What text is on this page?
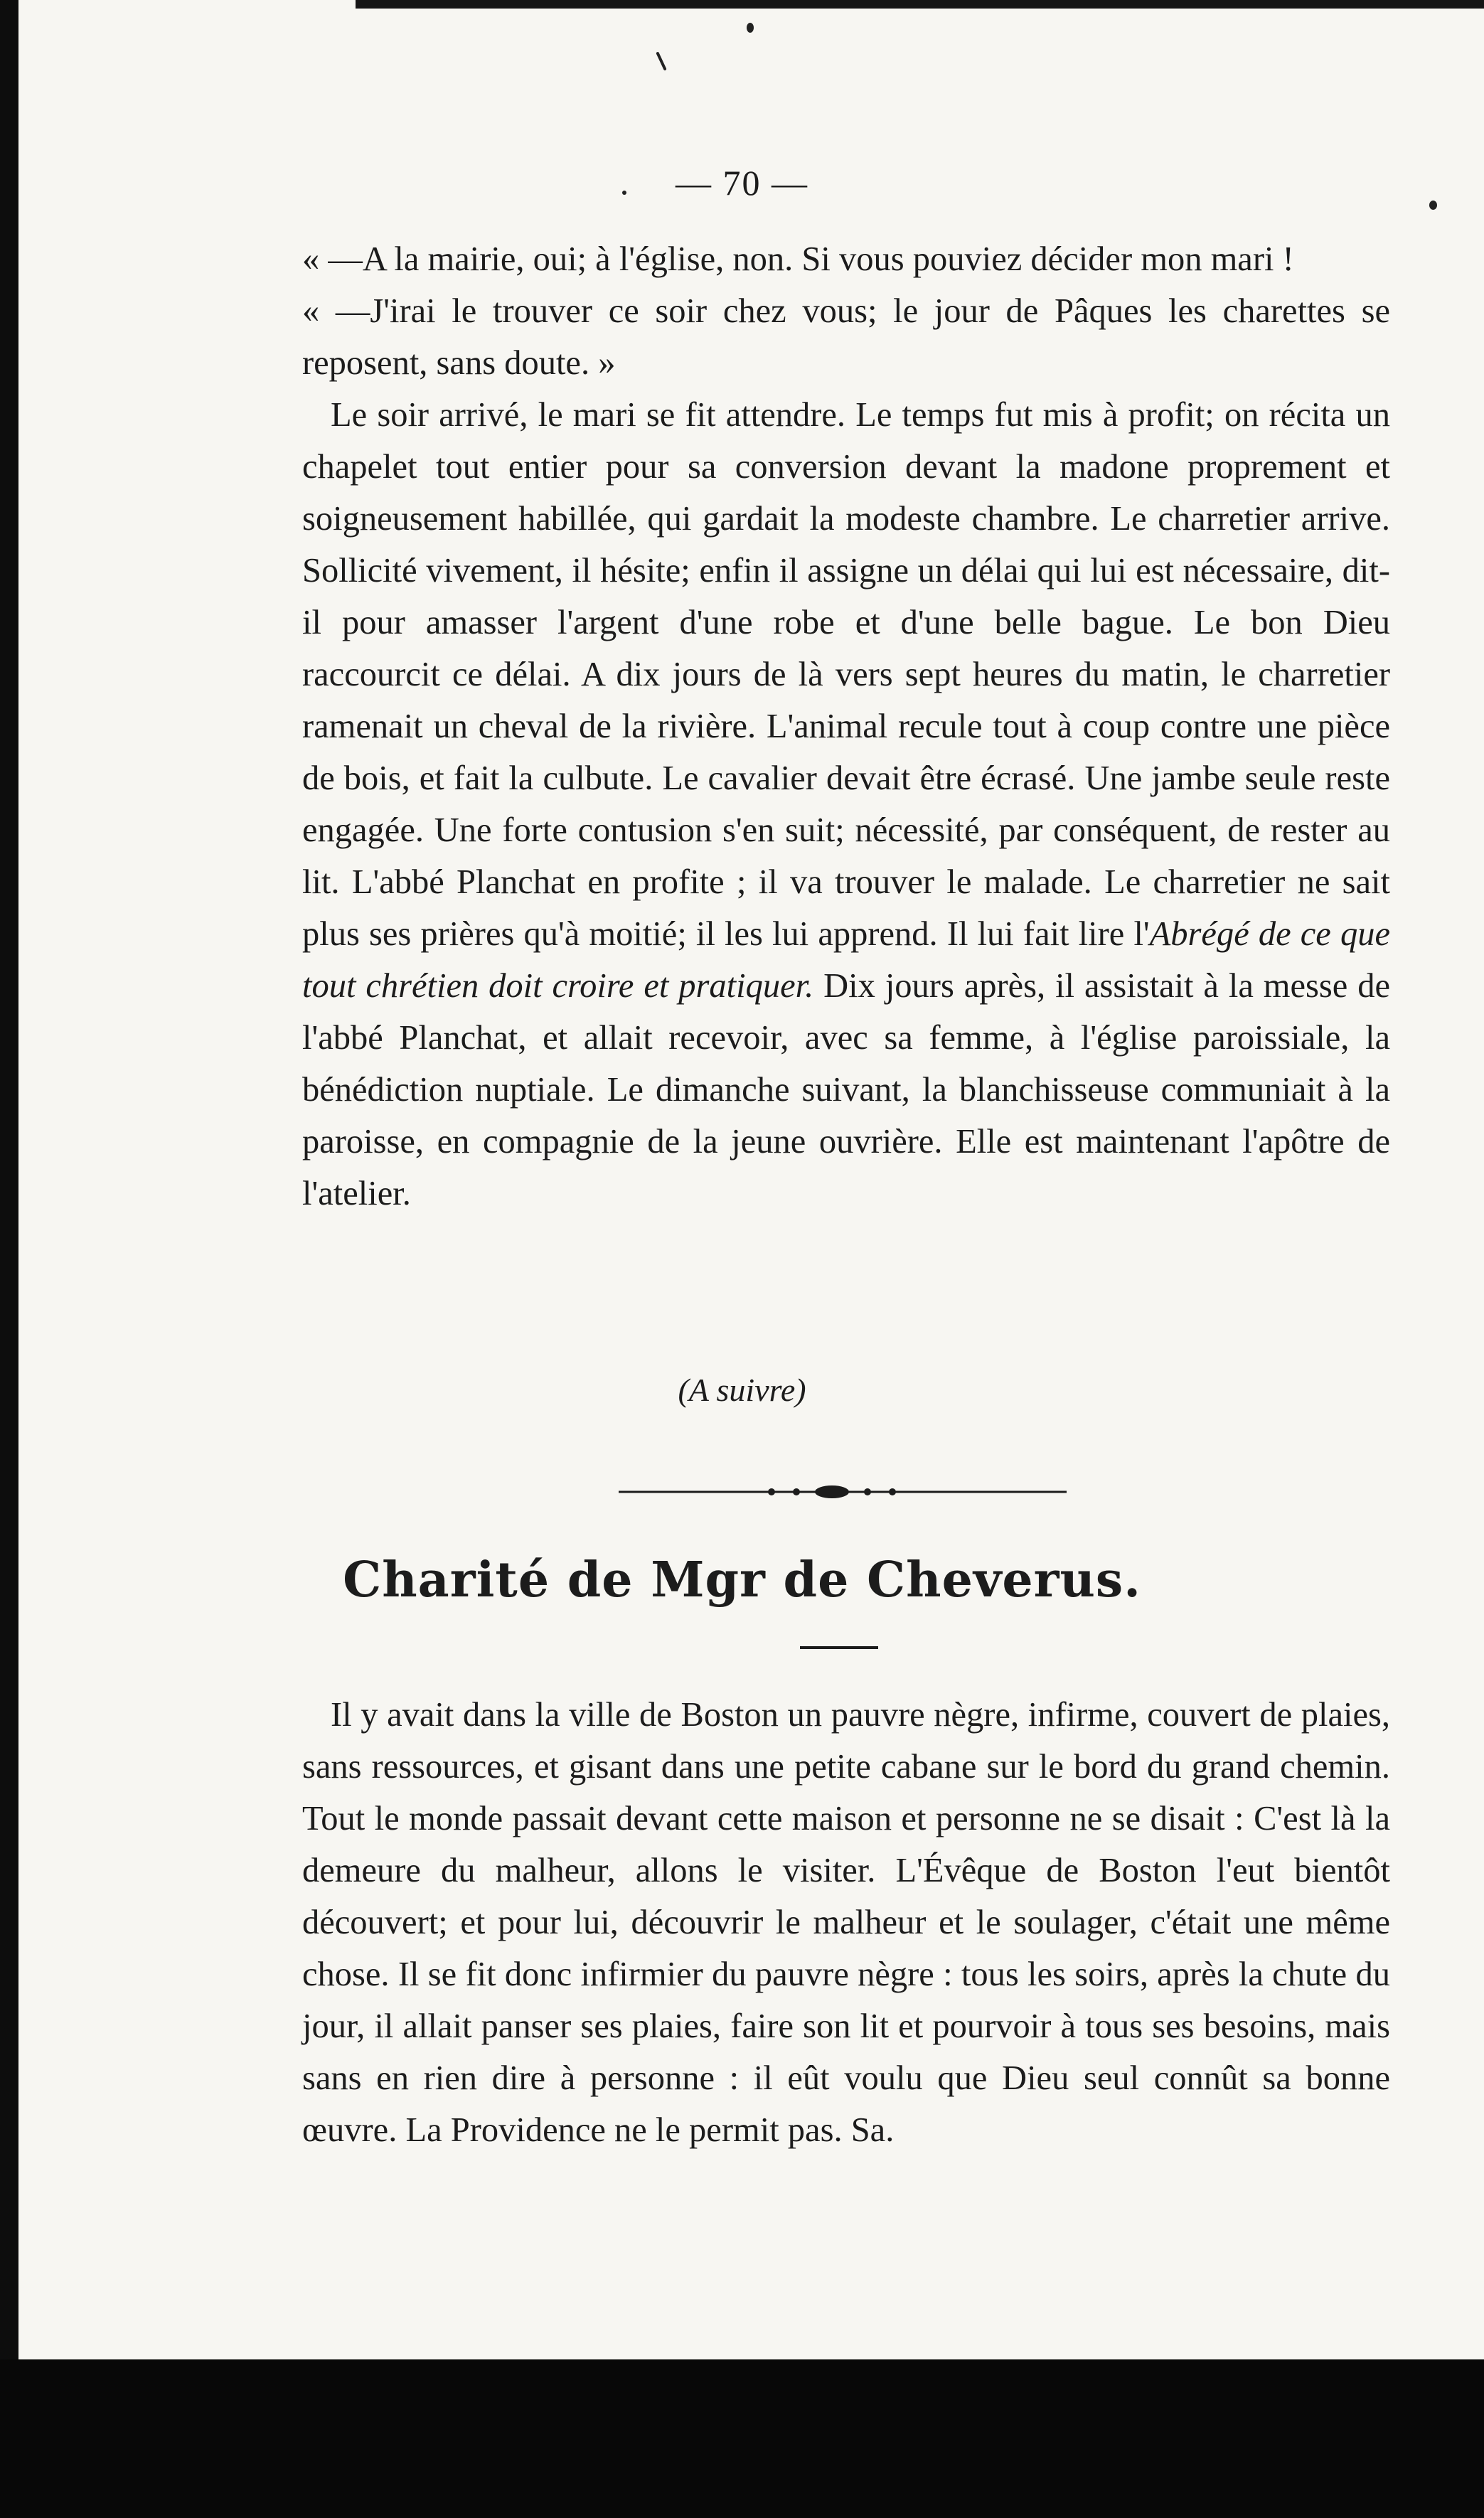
— 70 —

« —A la mairie, oui; à l'église, non. Si vous pouviez décider mon mari !

« —J'irai le trouver ce soir chez vous; le jour de Pâques les charettes se reposent, sans doute. »

Le soir arrivé, le mari se fit attendre. Le temps fut mis à profit; on récita un chapelet tout entier pour sa conversion devant la madone proprement et soigneusement habillée, qui gardait la modeste chambre. Le charretier arrive. Sollicité vivement, il hésite; enfin il assigne un délai qui lui est nécessaire, dit-il pour amasser l'argent d'une robe et d'une belle bague. Le bon Dieu raccourcit ce délai. A dix jours de là vers sept heures du matin, le charretier ramenait un cheval de la rivière. L'animal recule tout à coup contre une pièce de bois, et fait la culbute. Le cavalier devait être écrasé. Une jambe seule reste engagée. Une forte contusion s'en suit; nécessité, par conséquent, de rester au lit. L'abbé Planchat en profite ; il va trouver le malade. Le charretier ne sait plus ses prières qu'à moitié; il les lui apprend. Il lui fait lire l'Abrégé de ce que tout chrétien doit croire et pratiquer. Dix jours après, il assistait à la messe de l'abbé Planchat, et allait recevoir, avec sa femme, à l'église paroissiale, la bénédiction nuptiale. Le dimanche suivant, la blanchisseuse communiait à la paroisse, en compagnie de la jeune ouvrière. Elle est maintenant l'apôtre de l'atelier.

(A suivre)
Charité de Mgr de Cheverus.

Il y avait dans la ville de Boston un pauvre nègre, infirme, couvert de plaies, sans ressources, et gisant dans une petite cabane sur le bord du grand chemin. Tout le monde passait devant cette maison et personne ne se disait : C'est là la demeure du malheur, allons le visiter. L'Évêque de Boston l'eut bientôt découvert; et pour lui, découvrir le malheur et le soulager, c'était une même chose. Il se fit donc infirmier du pauvre nègre : tous les soirs, après la chute du jour, il allait panser ses plaies, faire son lit et pourvoir à tous ses besoins, mais sans en rien dire à personne : il eût voulu que Dieu seul connût sa bonne œuvre. La Providence ne le permit pas. Sa.
